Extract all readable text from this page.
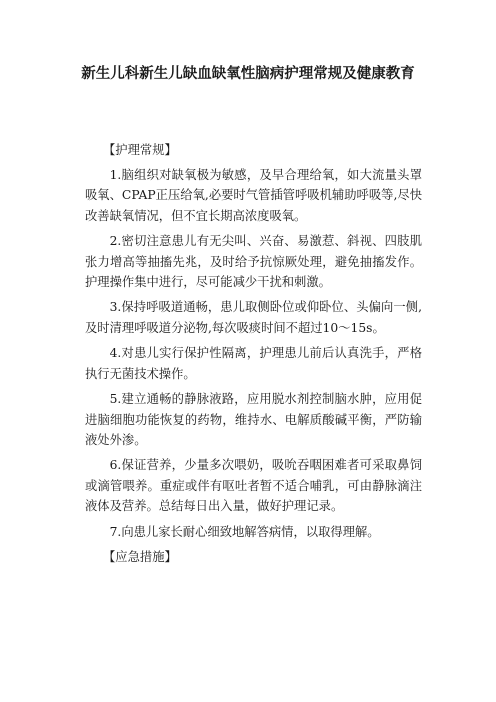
新生儿科新生儿缺血缺氧性脑病护理常规及健康教育
【护理常规】

1.脑组织对缺氧极为敏感，及早合理给氧，如大流量头罩吸氧、CPAP正压给氧,必要时气管插管呼吸机辅助呼吸等,尽快改善缺氧情况，但不宜长期高浓度吸氧。

2.密切注意患儿有无尖叫、兴奋、易激惹、斜视、四肢肌张力增高等抽搐先兆，及时给予抗惊厥处理，避免抽搐发作。护理操作集中进行，尽可能减少干扰和刺激。

3.保持呼吸道通畅，患儿取侧卧位或仰卧位、头偏向一侧,及时清理呼吸道分泌物,每次吸痰时间不超过10～15s。

4.对患儿实行保护性隔离，护理患儿前后认真洗手，严格执行无菌技术操作。

5.建立通畅的静脉液路，应用脱水剂控制脑水肿，应用促进脑细胞功能恢复的药物，维持水、电解质酸碱平衡，严防输液处外渗。

6.保证营养，少量多次喂奶，吸吮吞咽困难者可采取鼻饲或滴管喂养。重症或伴有呕吐者暂不适合哺乳，可由静脉滴注液体及营养。总结每日出入量，做好护理记录。

7.向患儿家长耐心细致地解答病情，以取得理解。

【应急措施】
